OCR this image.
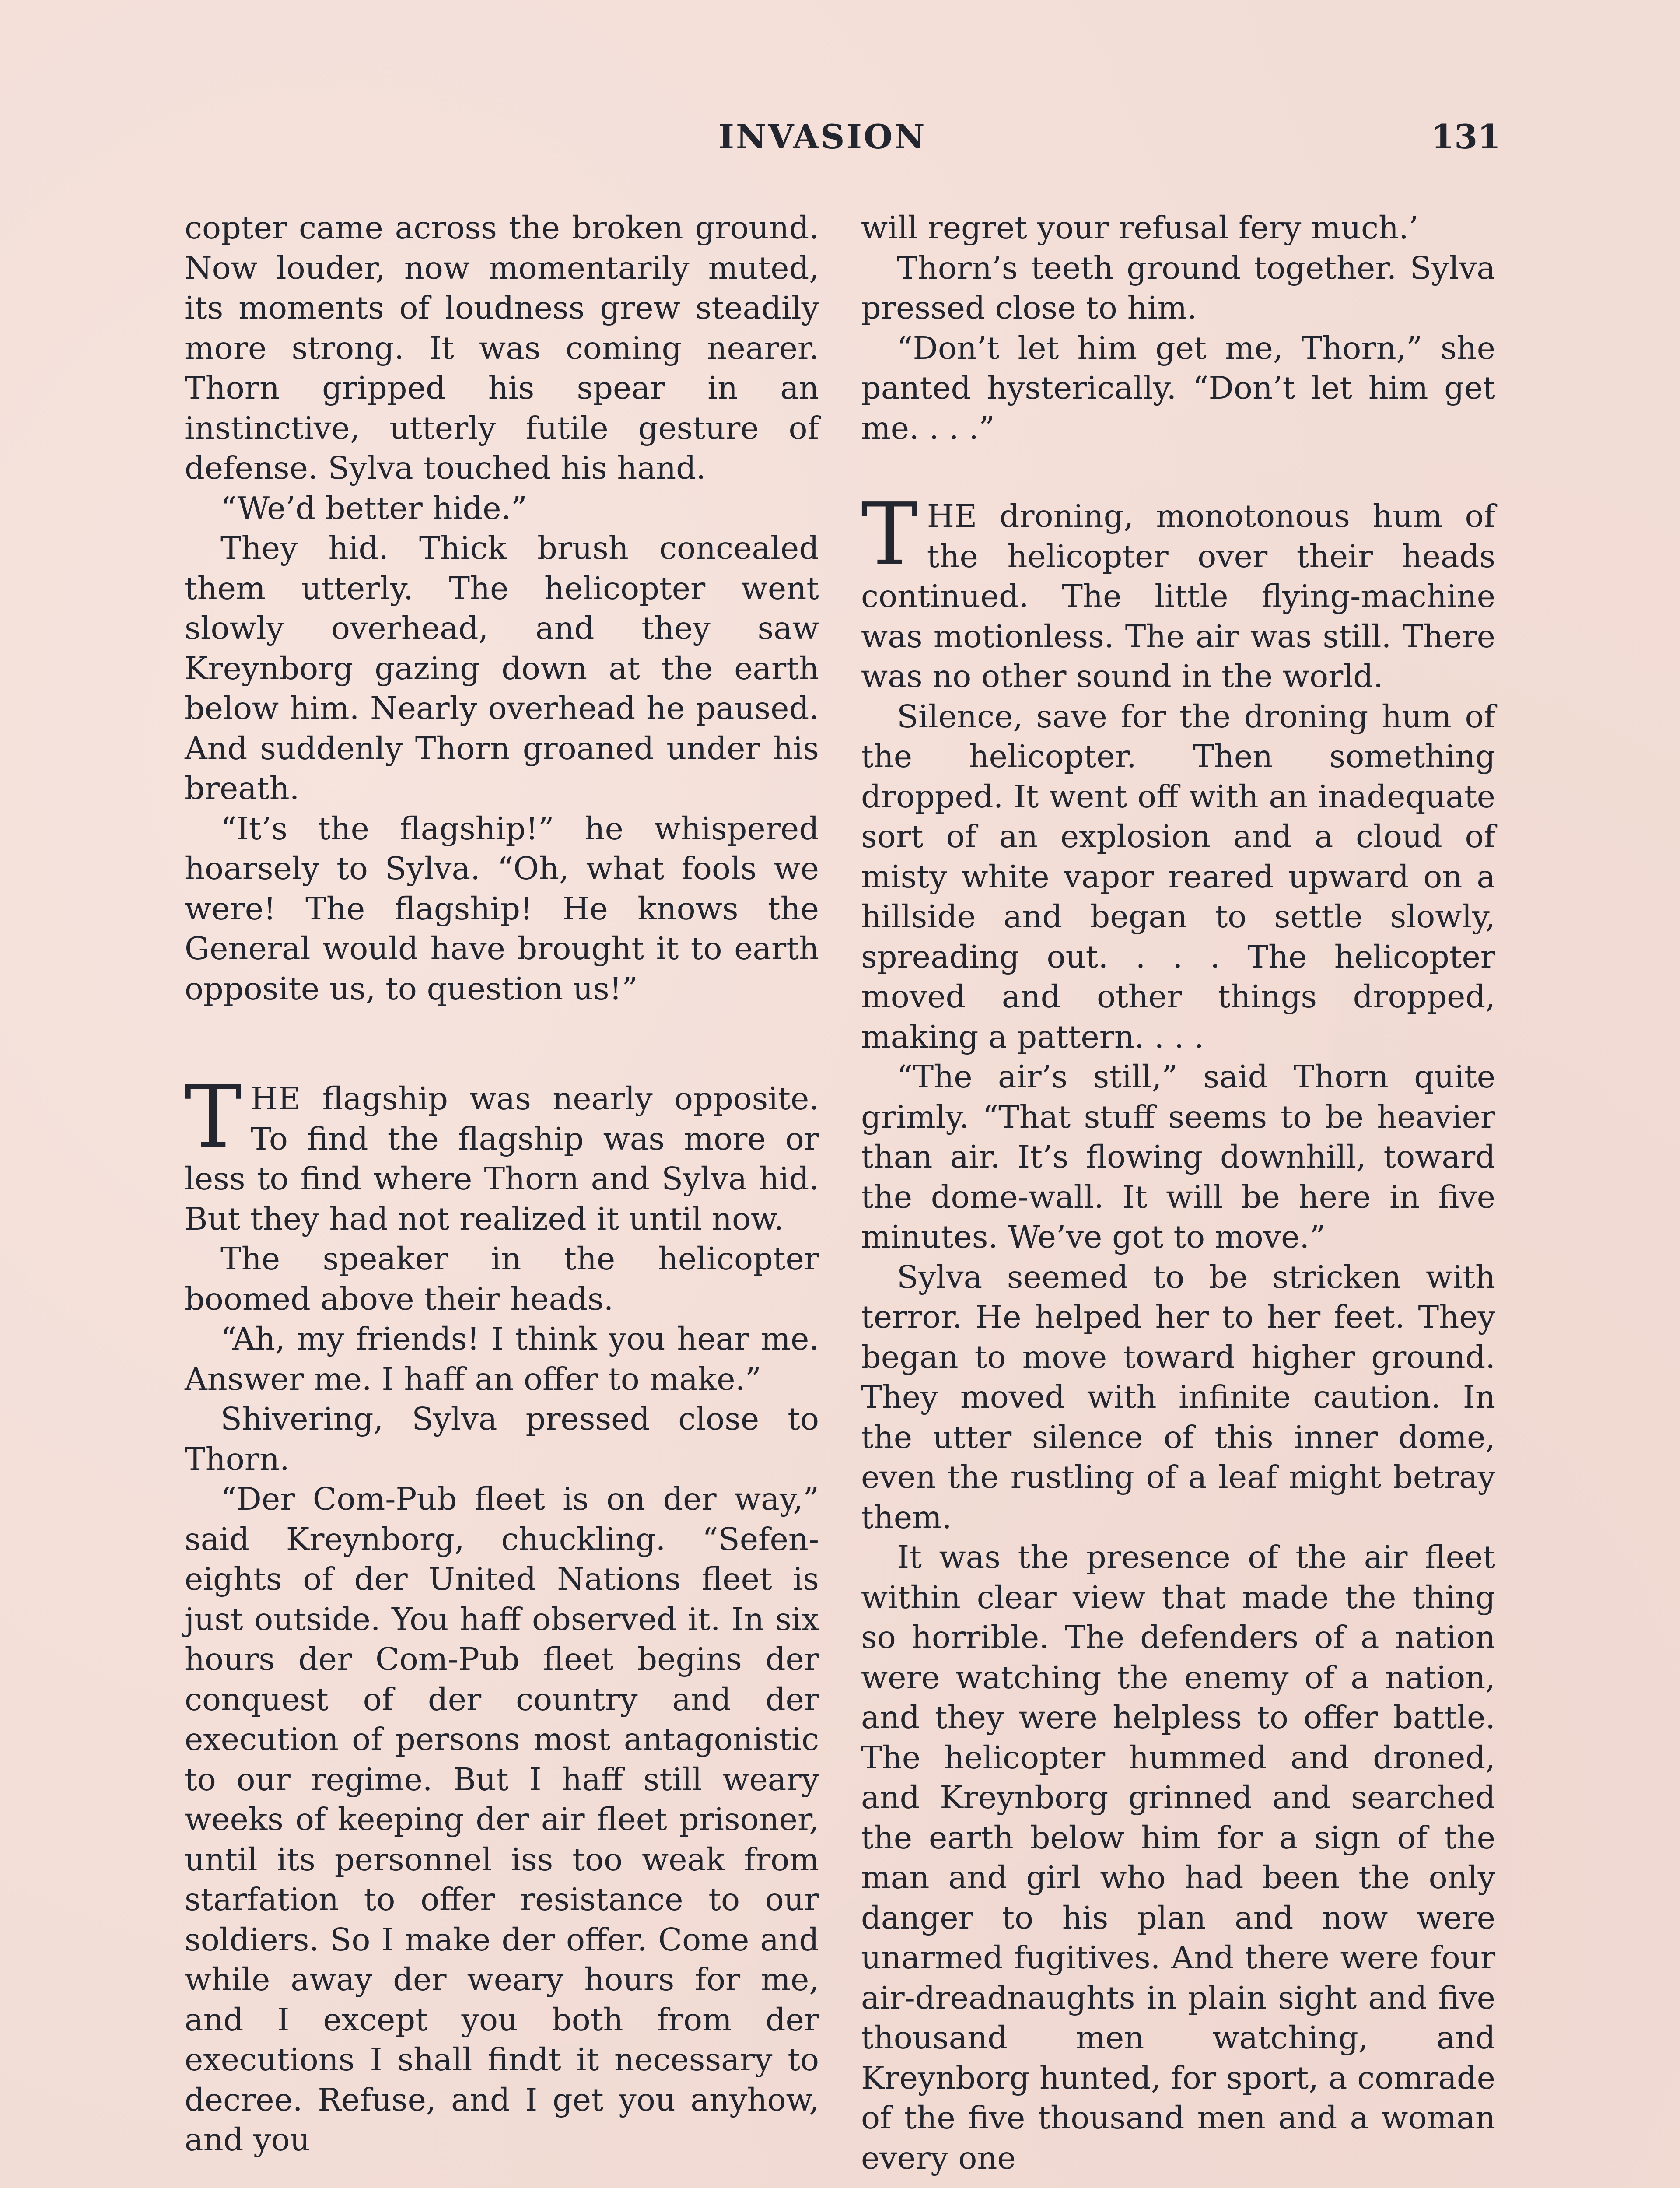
INVASION	131

copter came across the broken ground. Now louder, now momentarily muted, its moments of loudness grew steadily more strong. It was coming nearer. Thorn gripped his spear in an instinctive, utterly futile gesture of defense. Sylva touched his hand.

“We’d better hide.”

They hid. Thick brush concealed them utterly. The helicopter went slowly overhead, and they saw Kreynborg gazing down at the earth below him. Nearly overhead he paused. And suddenly Thorn groaned under his breath.

“It’s the flagship!” he whispered hoarsely to Sylva. “Oh, what fools we were! The flagship! He knows the General would have brought it to earth opposite us, to question us!”

THE flagship was nearly opposite. To find the flagship was more or less to find where Thorn and Sylva hid. But they had not realized it until now.

The speaker in the helicopter boomed above their heads.

“Ah, my friends! I think you hear me. Answer me. I haff an offer to make.”

Shivering, Sylva pressed close to Thorn.

“Der Com-Pub fleet is on der way,” said Kreynborg, chuckling. “Sefen-eights of der United Nations fleet is just outside. You haff observed it. In six hours der Com-Pub fleet begins der conquest of der country and der execution of persons most antagonistic to our regime. But I haff still weary weeks of keeping der air fleet prisoner, until its personnel iss too weak from starfation to offer resistance to our soldiers. So I make der offer. Come and while away der weary hours for me, and I except you both from der executions I shall findt it necessary to decree. Refuse, and I get you anyhow, and you

will regret your refusal fery much.’

Thorn’s teeth ground together. Sylva pressed close to him.

“Don’t let him get me, Thorn,” she panted hysterically. “Don’t let him get me. . . .”

THE droning, monotonous hum of the helicopter over their heads continued. The little flying-machine was motionless. The air was still. There was no other sound in the world.

Silence, save for the droning hum of the helicopter. Then something dropped. It went off with an inadequate sort of an explosion and a cloud of misty white vapor reared upward on a hillside and began to settle slowly, spreading out. . . . The helicopter moved and other things dropped, making a pattern. . . .

“The air’s still,” said Thorn quite grimly. “That stuff seems to be heavier than air. It’s flowing downhill, toward the dome-wall. It will be here in five minutes. We’ve got to move.”

Sylva seemed to be stricken with terror. He helped her to her feet. They began to move toward higher ground. They moved with infinite caution. In the utter silence of this inner dome, even the rustling of a leaf might betray them.

It was the presence of the air fleet within clear view that made the thing so horrible. The defenders of a nation were watching the enemy of a nation, and they were helpless to offer battle. The helicopter hummed and droned, and Kreynborg grinned and searched the earth below him for a sign of the man and girl who had been the only danger to his plan and now were unarmed fugitives. And there were four air-dreadnaughts in plain sight and five thousand men watching, and Kreynborg hunted, for sport, a comrade of the five thousand men and a woman every one
